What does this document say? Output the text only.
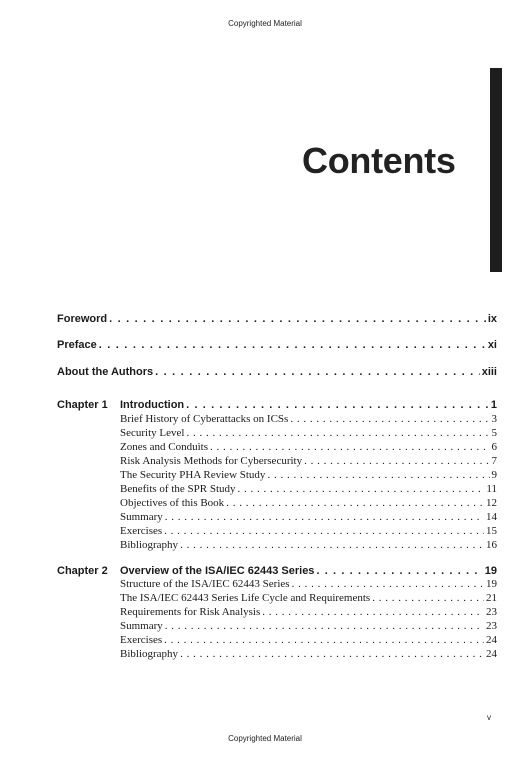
Copyrighted Material
Contents
Foreword . . .	ix
Preface . . .	xi
About the Authors . . .	xiii
Chapter 1 Introduction . . .	1
Brief History of Cyberattacks on ICSs . . .	3
Security Level . . .	5
Zones and Conduits . . .	6
Risk Analysis Methods for Cybersecurity . . .	7
The Security PHA Review Study . . .	9
Benefits of the SPR Study . . .	11
Objectives of this Book . . .	12
Summary . . .	14
Exercises . . .	15
Bibliography . . .	16
Chapter 2 Overview of the ISA/IEC 62443 Series . . .	19
Structure of the ISA/IEC 62443 Series . . .	19
The ISA/IEC 62443 Series Life Cycle and Requirements . . .	21
Requirements for Risk Analysis . . .	23
Summary . . .	23
Exercises . . .	24
Bibliography . . .	24
v
Copyrighted Material
